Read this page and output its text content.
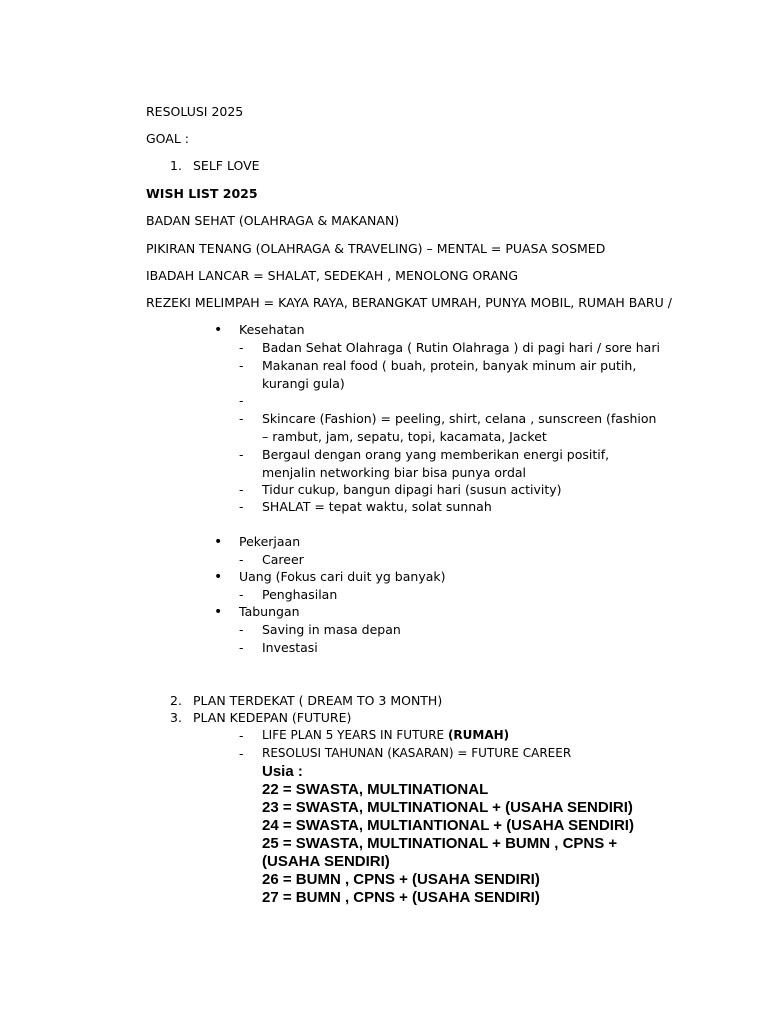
RESOLUSI 2025

GOAL :

1. SELF LOVE

WISH LIST 2025

BADAN SEHAT (OLAHRAGA & MAKANAN)

PIKIRAN TENANG (OLAHRAGA & TRAVELING) – MENTAL = PUASA SOSMED

IBADAH LANCAR = SHALAT, SEDEKAH , MENOLONG ORANG

REZEKI MELIMPAH = KAYA RAYA, BERANGKAT UMRAH, PUNYA MOBIL, RUMAH BARU /

• Kesehatan
- Badan Sehat Olahraga ( Rutin Olahraga ) di pagi hari / sore hari
- Makanan real food ( buah, protein, banyak minum air putih, kurangi gula)
-
- Skincare (Fashion) = peeling, shirt, celana , sunscreen (fashion – rambut, jam, sepatu, topi, kacamata, Jacket
- Bergaul dengan orang yang memberikan energi positif, menjalin networking biar bisa punya ordal
- Tidur cukup, bangun dipagi hari (susun activity)
- SHALAT = tepat waktu, solat sunnah
• Pekerjaan
- Career
• Uang (Fokus cari duit yg banyak)
- Penghasilan
• Tabungan
- Saving in masa depan
- Investasi
2. PLAN TERDEKAT ( DREAM TO 3 MONTH)
3. PLAN KEDEPAN (FUTURE)
- LIFE PLAN 5 YEARS IN FUTURE (RUMAH)
- RESOLUSI TAHUNAN (KASARAN) = FUTURE CAREER
Usia :
22 = SWASTA, MULTINATIONAL
23 = SWASTA, MULTINATIONAL + (USAHA SENDIRI)
24 = SWASTA, MULTIANTIONAL + (USAHA SENDIRI)
25 = SWASTA, MULTINATIONAL + BUMN , CPNS + (USAHA SENDIRI)
26 = BUMN , CPNS + (USAHA SENDIRI)
27 = BUMN , CPNS + (USAHA SENDIRI)
